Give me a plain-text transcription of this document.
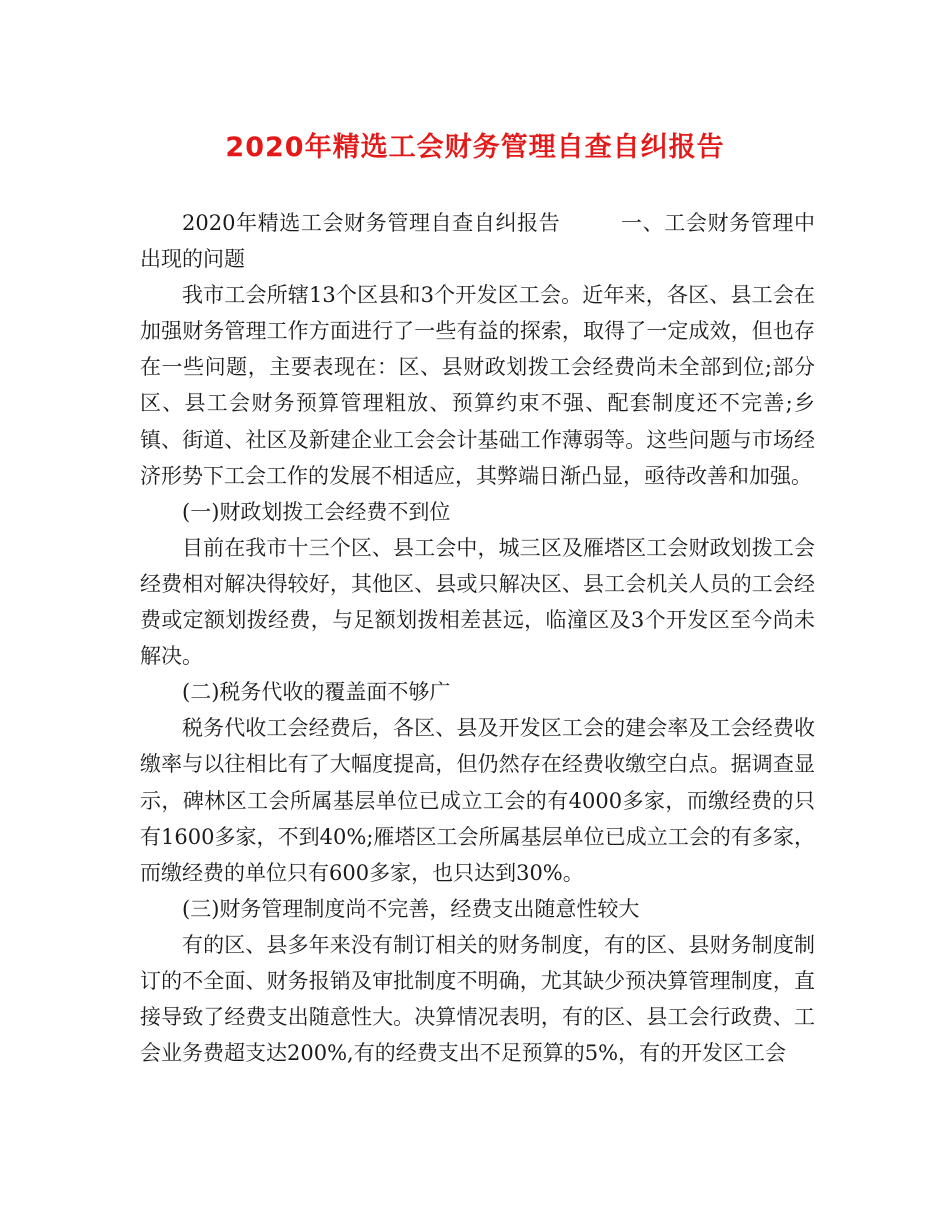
2020年精选工会财务管理自查自纠报告

2020年精选工会财务管理自查自纠报告	一、工会财务管理中出现的问题

我市工会所辖13个区县和3个开发区工会。近年来，各区、县工会在加强财务管理工作方面进行了一些有益的探索，取得了一定成效，但也存在一些问题，主要表现在：区、县财政划拨工会经费尚未全部到位;部分区、县工会财务预算管理粗放、预算约束不强、配套制度还不完善;乡镇、街道、社区及新建企业工会会计基础工作薄弱等。这些问题与市场经济形势下工会工作的发展不相适应，其弊端日渐凸显，亟待改善和加强。

(一)财政划拨工会经费不到位

目前在我市十三个区、县工会中，城三区及雁塔区工会财政划拨工会经费相对解决得较好，其他区、县或只解决区、县工会机关人员的工会经费或定额划拨经费，与足额划拨相差甚远，临潼区及3个开发区至今尚未解决。

(二)税务代收的覆盖面不够广

税务代收工会经费后，各区、县及开发区工会的建会率及工会经费收缴率与以往相比有了大幅度提高，但仍然存在经费收缴空白点。据调查显示，碑林区工会所属基层单位已成立工会的有4000多家，而缴经费的只有1600多家，不到40%;雁塔区工会所属基层单位已成立工会的有多家，而缴经费的单位只有600多家，也只达到30%。

(三)财务管理制度尚不完善，经费支出随意性较大

有的区、县多年来没有制订相关的财务制度，有的区、县财务制度制订的不全面、财务报销及审批制度不明确，尤其缺少预决算管理制度，直接导致了经费支出随意性大。决算情况表明，有的区、县工会行政费、工会业务费超支达200%,有的经费支出不足预算的5%，有的开发区工会
